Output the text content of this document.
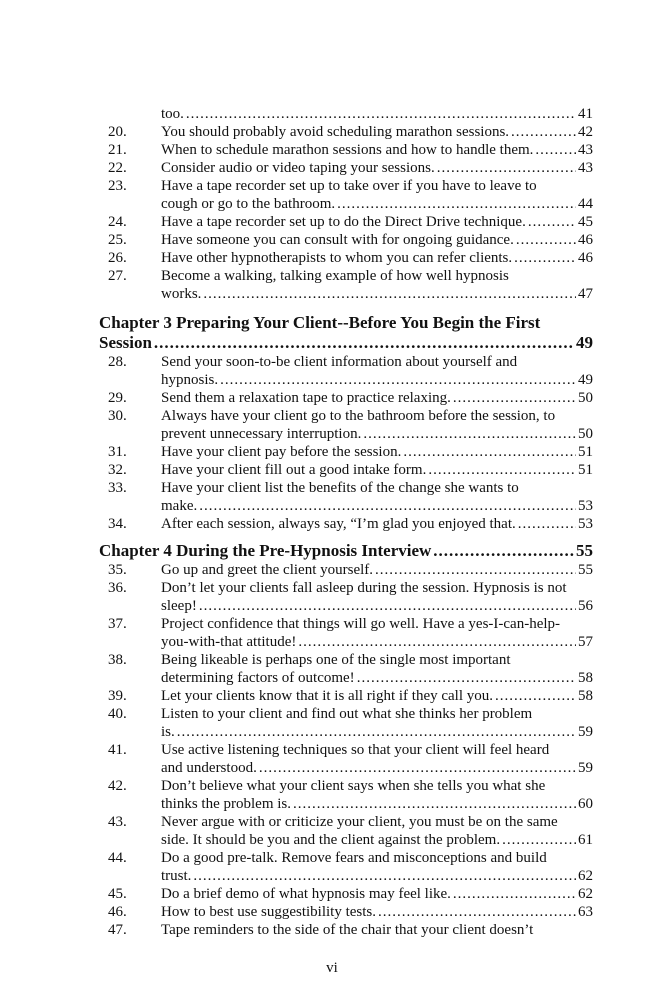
too. .....	41
20.	You should probably avoid scheduling marathon sessions. .....	42
21.	When to schedule marathon sessions and how to handle them. .....	43
22.	Consider audio or video taping your sessions. .....	43
23.	Have a tape recorder set up to take over if you have to leave to
cough or go to the bathroom. .....	44
24.	Have a tape recorder set up to do the Direct Drive technique. .....	45
25.	Have someone you can consult with for ongoing guidance. .....	46
26.	Have other hypnotherapists to whom you can refer clients. .....	46
27.	Become a walking, talking example of how well hypnosis
works. .....	47
Chapter 3 Preparing Your Client--Before You Begin the First
Session .....	49
28.	Send your soon-to-be client information about yourself and
hypnosis. .....	49
29.	Send them a relaxation tape to practice relaxing. .....	50
30.	Always have your client go to the bathroom before the session, to
prevent unnecessary interruption. .....	50
31.	Have your client pay before the session. .....	51
32.	Have your client fill out a good intake form. .....	51
33.	Have your client list the benefits of the change she wants to
make. .....	53
34.	After each session, always say, “I’m glad you enjoyed that. .....	53
Chapter 4 During the Pre-Hypnosis Interview .....	55
35.	Go up and greet the client yourself. .....	55
36.	Don’t let your clients fall asleep during the session. Hypnosis is not
sleep! .....	56
37.	Project confidence that things will go well. Have a yes-I-can-help-
you-with-that attitude! .....	57
38.	Being likeable is perhaps one of the single most important
determining factors of outcome! .....	58
39.	Let your clients know that it is all right if they call you. .....	58
40.	Listen to your client and find out what she thinks her problem
is. .....	59
41.	Use active listening techniques so that your client will feel heard
and understood. .....	59
42.	Don’t believe what your client says when she tells you what she
thinks the problem is. .....	60
43.	Never argue with or criticize your client, you must be on the same
side. It should be you and the client against the problem. .....	61
44.	Do a good pre-talk. Remove fears and misconceptions and build
trust. .....	62
45.	Do a brief demo of what hypnosis may feel like. .....	62
46.	How to best use suggestibility tests. .....	63
47.	Tape reminders to the side of the chair that your client doesn’t
vi
